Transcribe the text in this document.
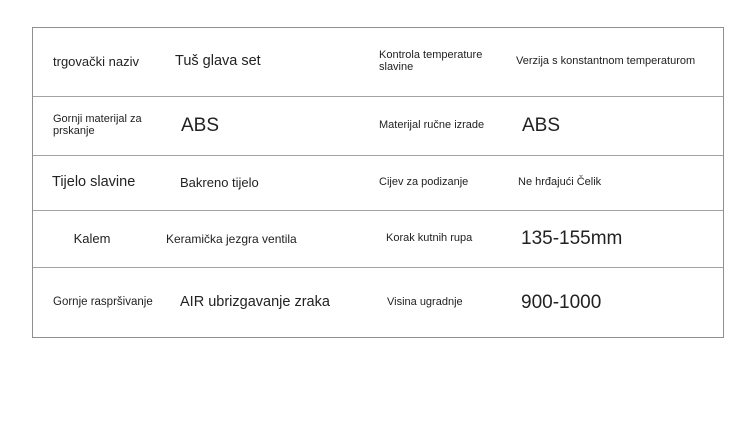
trgovački naziv	Tuš glava set	Kontrola temperature slavine	Verzija s konstantnom temperaturom
Gornji materijal za prskanje	ABS	Materijal ručne izrade	ABS
Tijelo slavine	Bakreno tijelo	Cijev za podizanje	Ne hrđajući Čelik
Kalem	Keramička jezgra ventila	Korak kutnih rupa	135-155mm
Gornje raspršivanje	AIR ubrizgavanje zraka	Visina ugradnje	900-1000
